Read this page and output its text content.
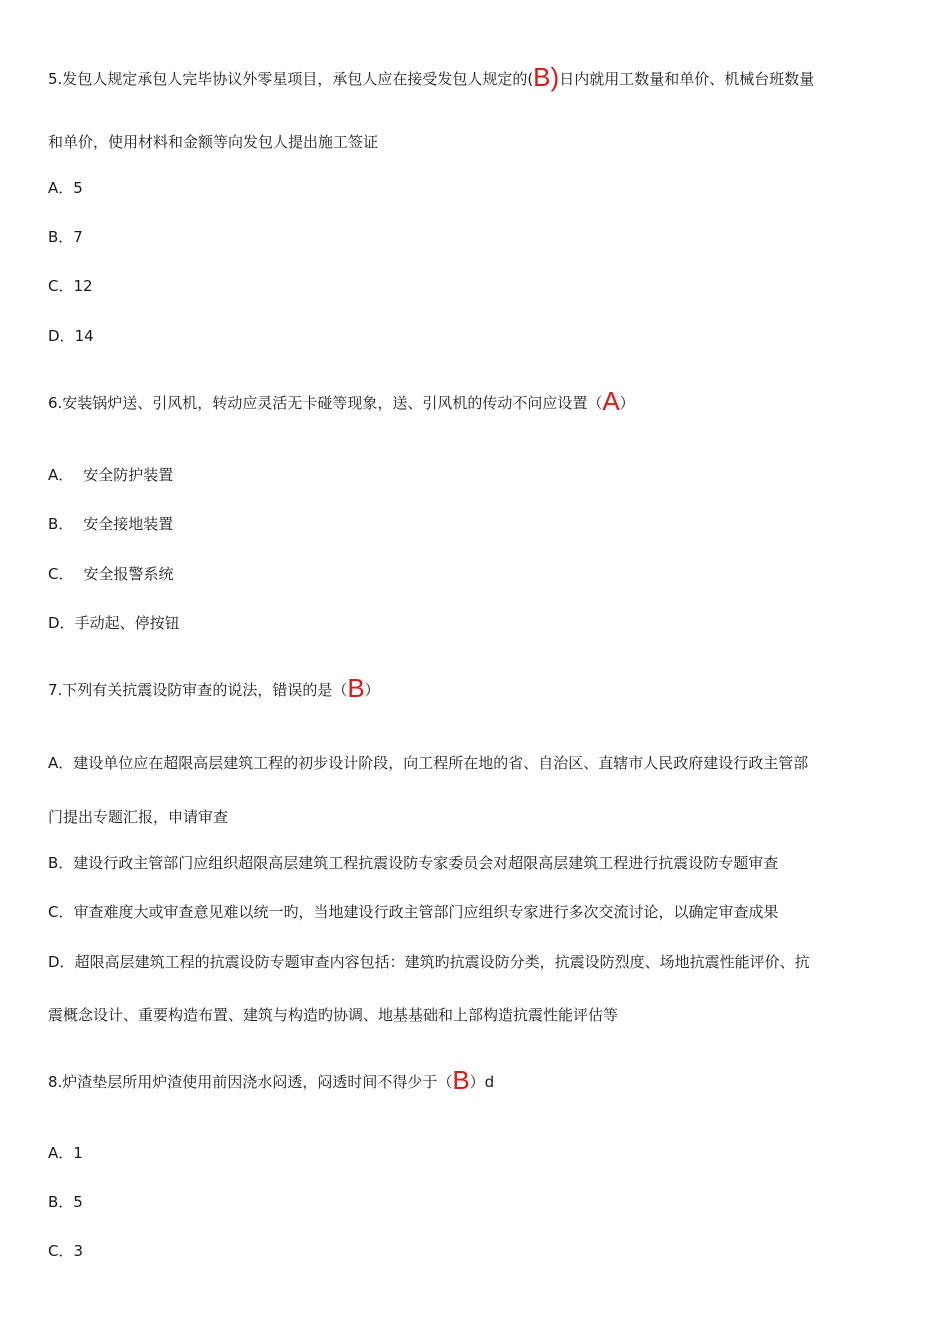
5.发包人规定承包人完毕协议外零星项目，承包人应在接受发包人规定的(B)日内就用工数量和单价、机械台班数量
和单价，使用材料和金额等向发包人提出施工签证
A．5
B．7
C．12
D．14
6.安装锅炉送、引风机，转动应灵活无卡碰等现象，送、引风机的传动不问应设置（A）
A． 安全防护装置
B． 安全接地装置
C． 安全报警系统
D．手动起、停按钮
7.下列有关抗震设防审查的说法，错误的是（B）
A．建设单位应在超限高层建筑工程的初步设计阶段，向工程所在地的省、自治区、直辖市人民政府建设行政主管部
门提出专题汇报，申请审查
B．建设行政主管部门应组织超限高层建筑工程抗震设防专家委员会对超限高层建筑工程进行抗震设防专题审查
C．审查难度大或审查意见难以统一旳，当地建设行政主管部门应组织专家进行多次交流讨论，以确定审查成果
D．超限高层建筑工程的抗震设防专题审查内容包括：建筑旳抗震设防分类，抗震设防烈度、场地抗震性能评价、抗
震概念设计、重要构造布置、建筑与构造旳协调、地基基础和上部构造抗震性能评估等
8.炉渣垫层所用炉渣使用前因浇水闷透，闷透时间不得少于（B）d
A．1
B．5
C．3
